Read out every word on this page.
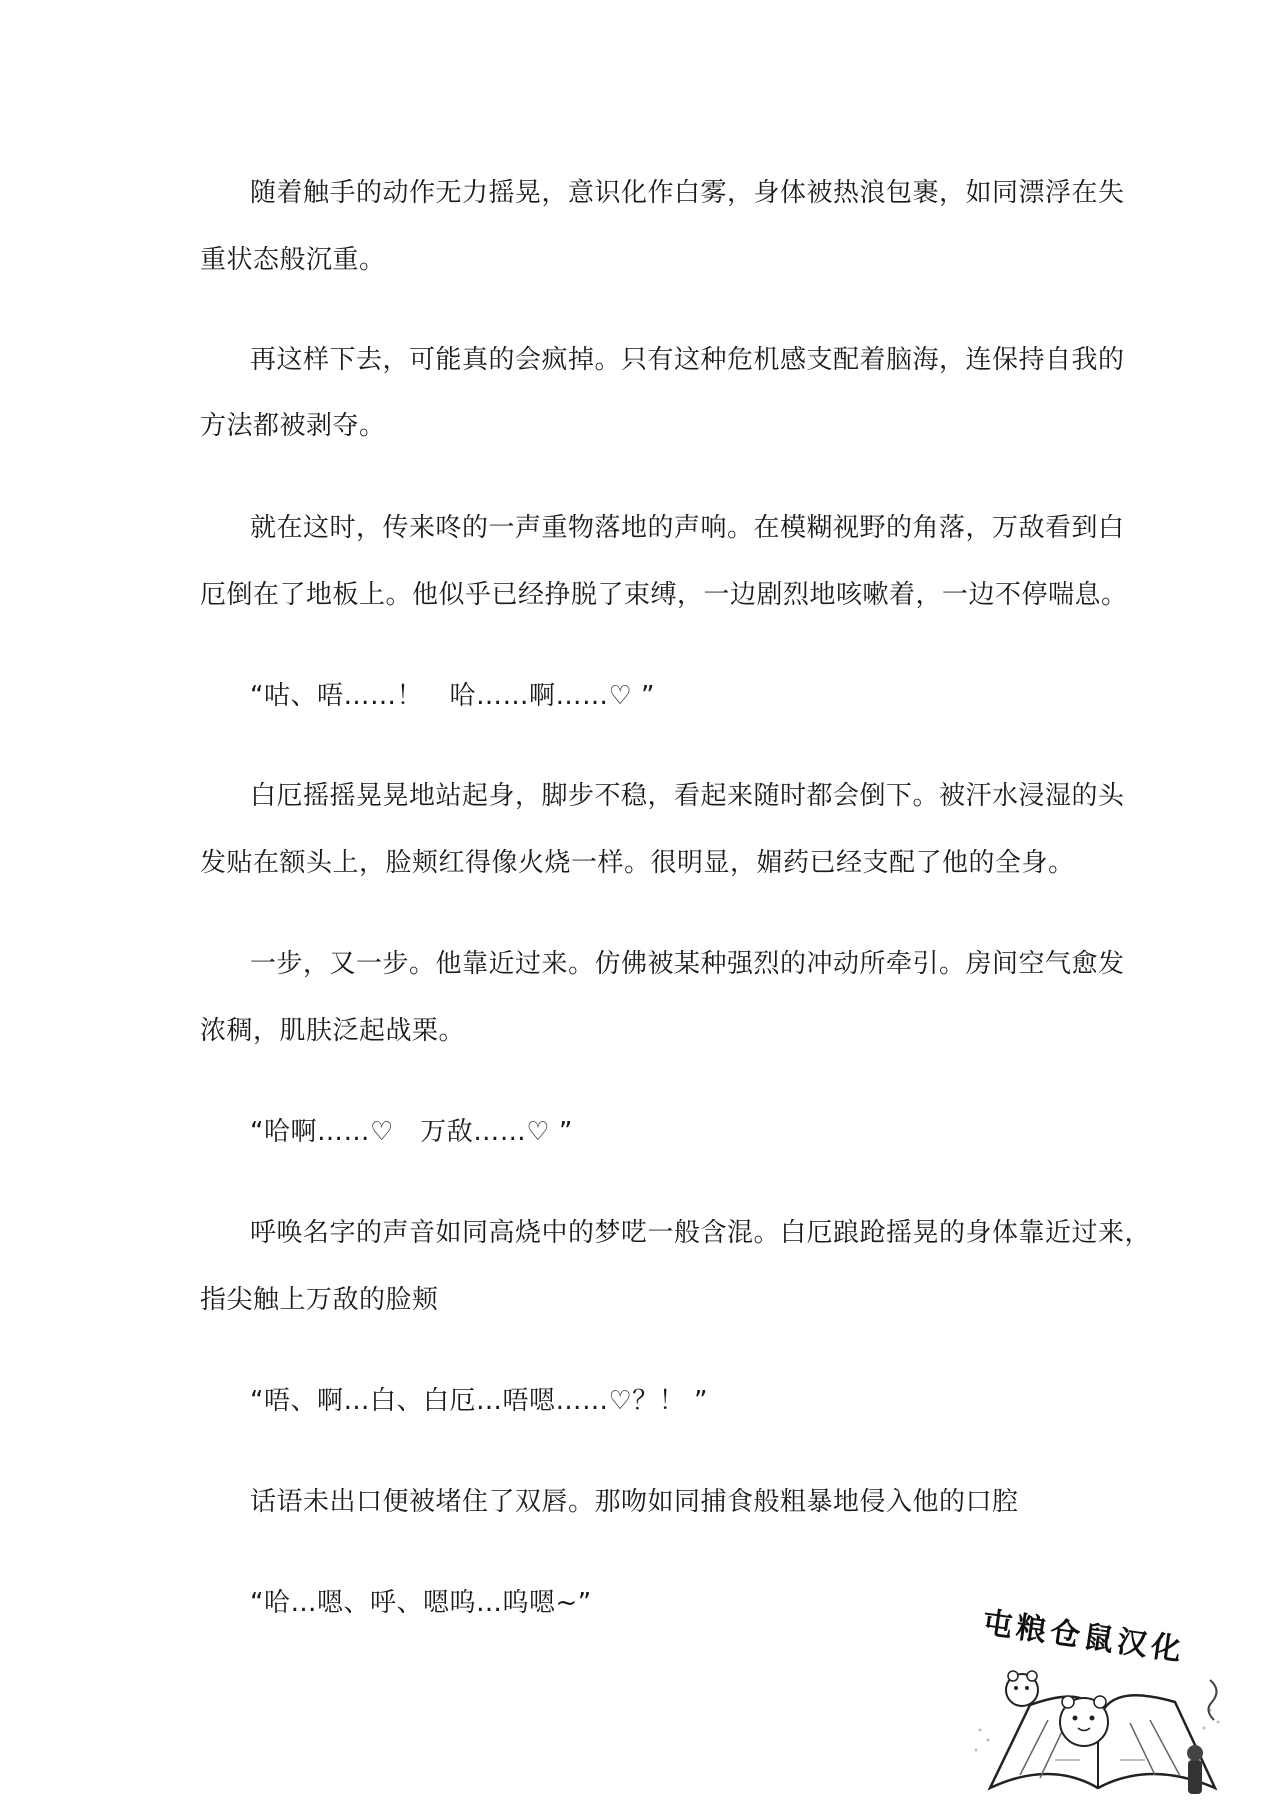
随着触手的动作无力摇晃，意识化作白雾，身体被热浪包裹，如同漂浮在失

重状态般沉重。

再这样下去，可能真的会疯掉。只有这种危机感支配着脑海，连保持自我的

方法都被剥夺。

就在这时，传来咚的一声重物落地的声响。在模糊视野的角落，万敌看到白

厄倒在了地板上。他似乎已经挣脱了束缚，一边剧烈地咳嗽着，一边不停喘息。

“咕、唔……！　哈……啊……♡ ”

白厄摇摇晃晃地站起身，脚步不稳，看起来随时都会倒下。被汗水浸湿的头

发贴在额头上，脸颊红得像火烧一样。很明显，媚药已经支配了他的全身。

一步，又一步。他靠近过来。仿佛被某种强烈的冲动所牵引。房间空气愈发

浓稠，肌肤泛起战栗。

“哈啊……♡　万敌……♡ ”

呼唤名字的声音如同高烧中的梦呓一般含混。白厄踉跄摇晃的身体靠近过来，

指尖触上万敌的脸颊

“唔、啊…白、白厄…唔嗯……♡？！ ”

话语未出口便被堵住了双唇。那吻如同捕食般粗暴地侵入他的口腔

“哈…嗯、呼、嗯呜…呜嗯~”

屯粮仓鼠汉化
